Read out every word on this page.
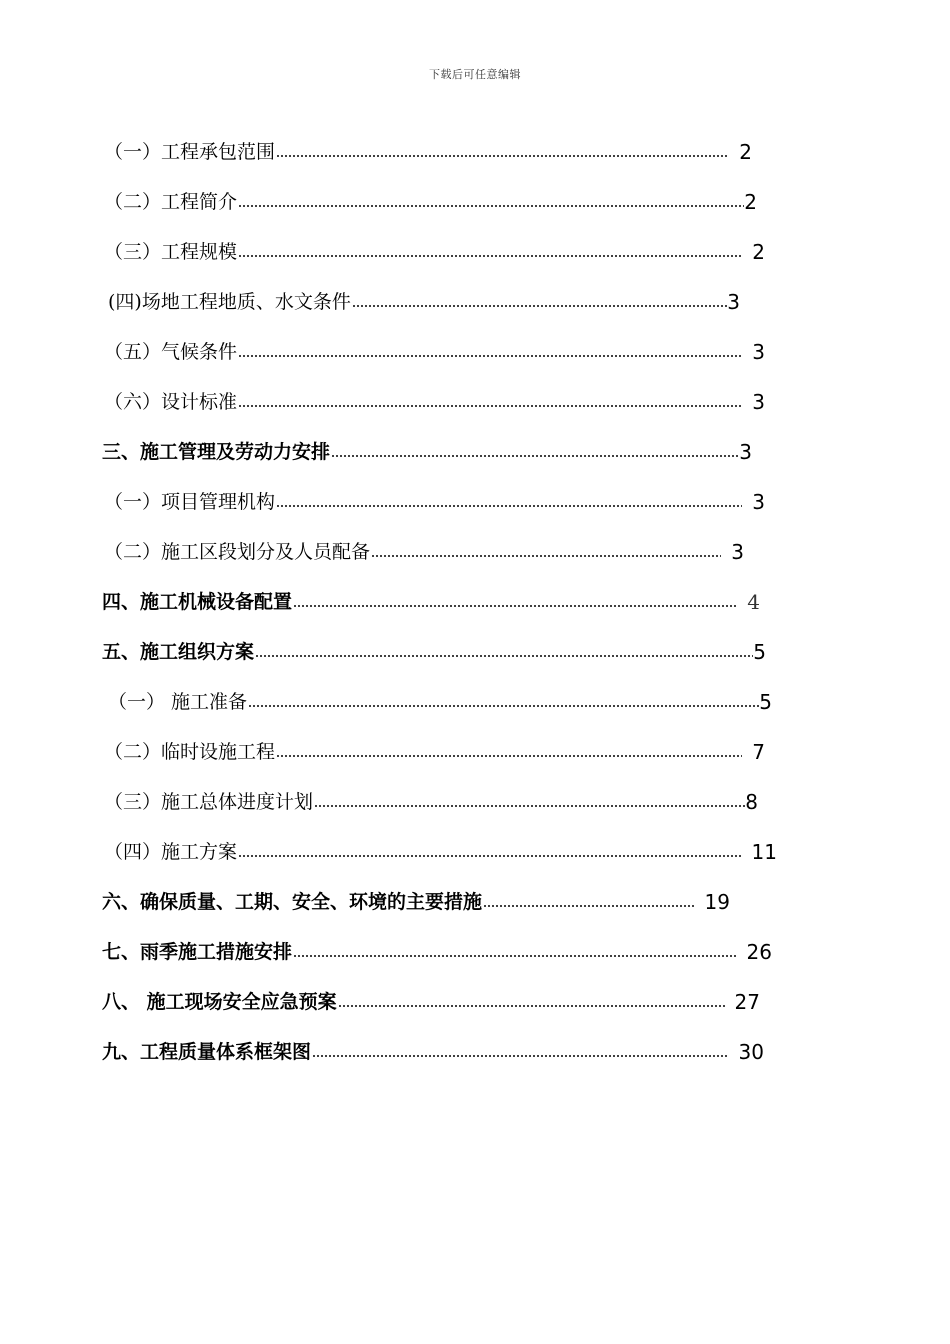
下载后可任意编辑
（一）工程承包范围	2
（二）工程简介	2
（三）工程规模	2
(四)场地工程地质、水文条件	3
（五）气候条件	3
（六）设计标准	3
三、施工管理及劳动力安排	3
（一）项目管理机构	3
（二）施工区段划分及人员配备	3
四、施工机械设备配置	4
五、施工组织方案	5
（一） 施工准备	5
（二）临时设施工程	7
（三）施工总体进度计划	8
（四）施工方案	11
六、确保质量、工期、安全、环境的主要措施	19
七、雨季施工措施安排	26
八、 施工现场安全应急预案	27
九、工程质量体系框架图	30
